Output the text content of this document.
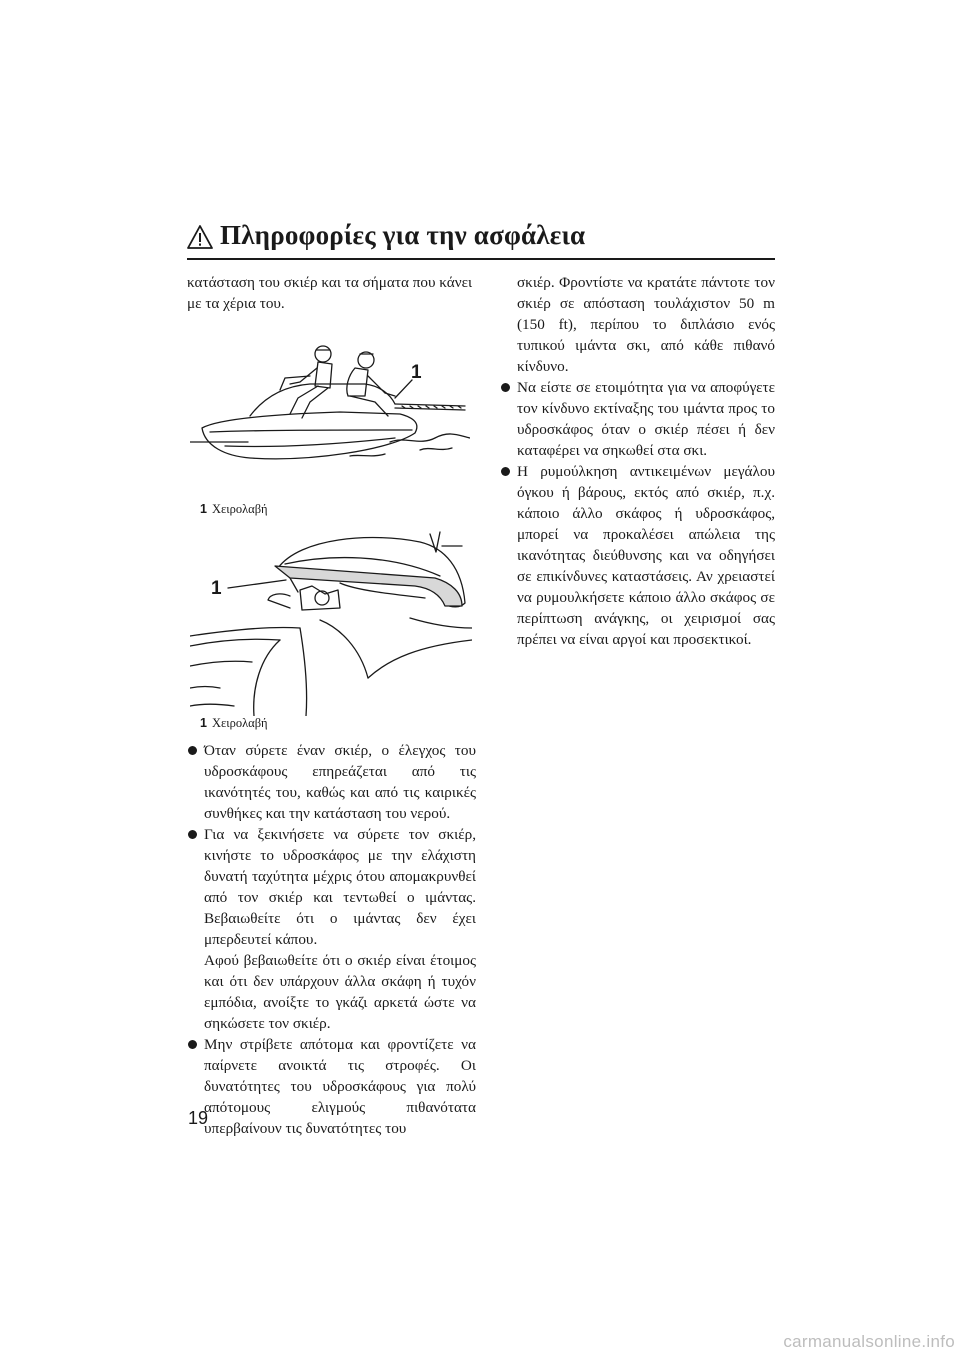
Πληροφορίες για την ασφάλεια

κατάσταση του σκιέρ και τα σήματα που κάνει

με τα χέρια του.

1
1 Χειρολαβή
1
1 Χειρολαβή

Όταν σύρετε έναν σκιέρ, ο έλεγχος του υδροσκάφους επηρεάζεται από τις ικανότητές του, καθώς και από τις καιρικές συνθήκες και την κατάσταση του νερού.

Για να ξεκινήσετε να σύρετε τον σκιέρ, κινήστε το υδροσκάφος με την ελάχιστη δυνατή ταχύτητα μέχρις ότου απομακρυνθεί από τον σκιέρ και τεντωθεί ο ιμάντας. Βεβαιωθείτε ότι ο ιμάντας δεν έχει μπερδευτεί κάπου.

Αφού βεβαιωθείτε ότι ο σκιέρ είναι έτοιμος και ότι δεν υπάρχουν άλλα σκάφη ή τυχόν εμπόδια, ανοίξτε το γκάζι αρκετά ώστε να σηκώσετε τον σκιέρ.

Μην στρίβετε απότομα και φροντίζετε να παίρνετε ανοικτά τις στροφές. Οι δυνατότητες του υδροσκάφους για πολύ απότομους ελιγμούς πιθανότατα υπερβαίνουν τις δυνατότητες του

σκιέρ. Φροντίστε να κρατάτε πάντοτε τον σκιέρ σε απόσταση τουλάχιστον 50 m (150 ft), περίπου το διπλάσιο ενός τυπικού ιμάντα σκι, από κάθε πιθανό κίνδυνο.

Να είστε σε ετοιμότητα για να αποφύγετε τον κίνδυνο εκτίναξης του ιμάντα προς το υδροσκάφος όταν ο σκιέρ πέσει ή δεν καταφέρει να σηκωθεί στα σκι.

Η ρυμούλκηση αντικειμένων μεγάλου όγκου ή βάρους, εκτός από σκιέρ, π.χ. κάποιο άλλο σκάφος ή υδροσκάφος, μπορεί να προκαλέσει απώλεια της ικανότητας διεύθυνσης και να οδηγήσει σε επικίνδυνες καταστάσεις. Αν χρειαστεί να ρυμουλκήσετε κάποιο άλλο σκάφος σε περίπτωση ανάγκης, οι χειρισμοί σας πρέπει να είναι αργοί και προσεκτικοί.

19
carmanualsonline.info
